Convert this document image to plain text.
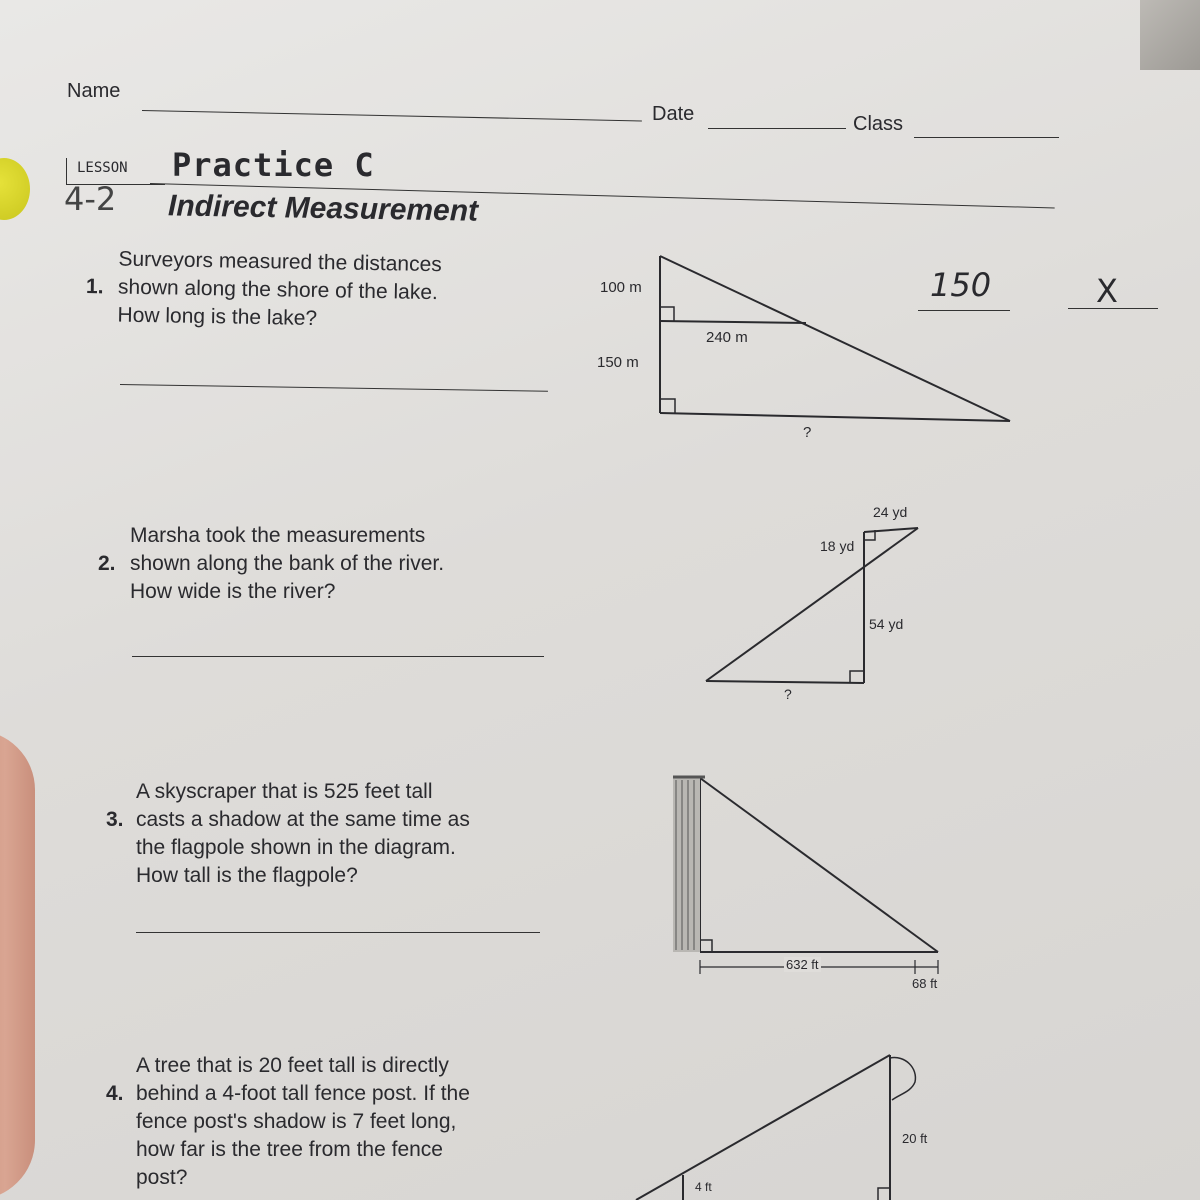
Name
Date	Class
LESSON	Practice C
4-2 Indirect Measurement
150	X

1.

Surveyors measured the distances
shown along the shore of the lake.
How long is the lake?

2.

Marsha took the measurements
shown along the bank of the river.
How wide is the river?

3.

A skyscraper that is 525 feet tall
casts a shadow at the same time as
the flagpole shown in the diagram.
How tall is the flagpole?

4.

A tree that is 20 feet tall is directly
behind a 4-foot tall fence post. If the
fence post's shadow is 7 feet long,
how far is the tree from the fence
post?

100 m
240 m
150 m
?
24 yd
18 yd
54 yd
?
632 ft
68 ft
20 ft
4 ft
